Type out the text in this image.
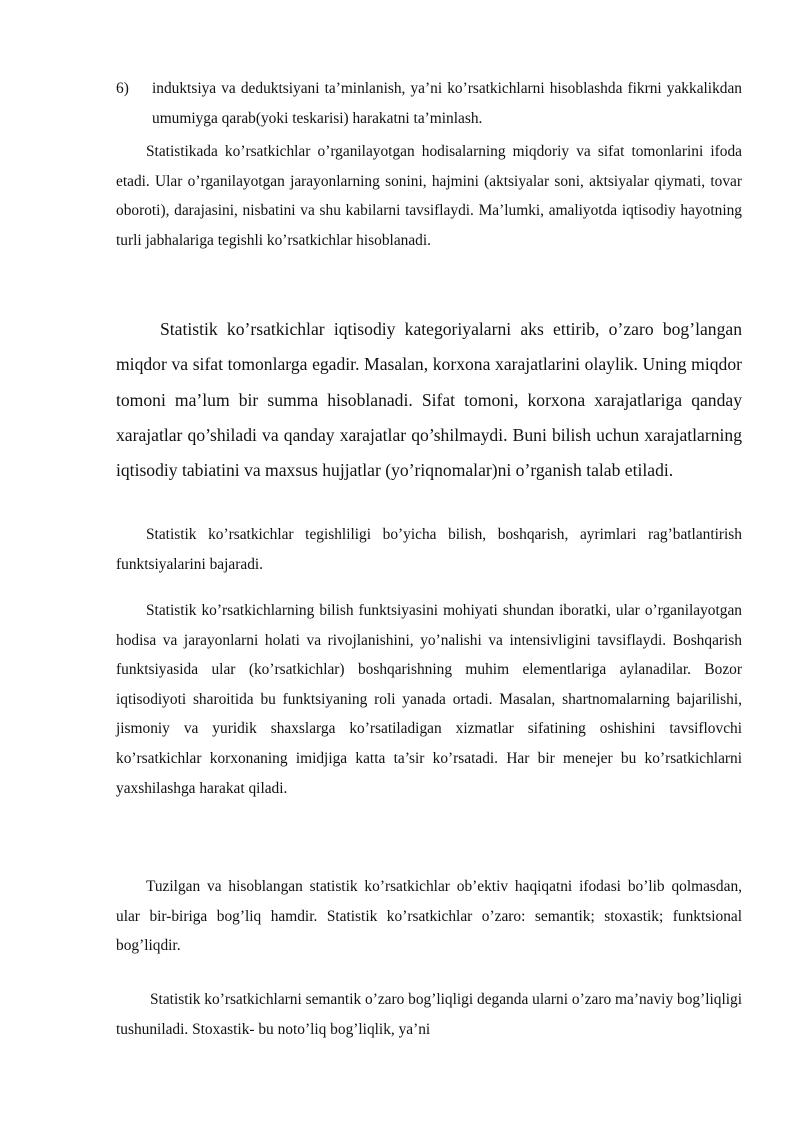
6)	induktsiya va deduktsiyani ta’minlanish, ya’ni ko’rsatkichlarni hisoblashda fikrni yakkalikdan umumiyga qarab(yoki teskarisi) harakatni ta’minlash.

Statistikada ko’rsatkichlar o’rganilayotgan hodisalarning miqdoriy va sifat tomonlarini ifoda etadi. Ular o’rganilayotgan jarayonlarning sonini, hajmini (aktsiyalar soni, aktsiyalar qiymati, tovar oboroti), darajasini, nisbatini va shu kabilarni tavsiflaydi. Ma’lumki, amaliyotda iqtisodiy hayotning turli jabhalariga tegishli ko’rsatkichlar hisoblanadi.

Statistik ko’rsatkichlar iqtisodiy kategoriyalarni aks ettirib, o’zaro bog’langan miqdor va sifat tomonlarga egadir. Masalan, korxona xarajatlarini olaylik. Uning miqdor tomoni ma’lum bir summa hisoblanadi. Sifat tomoni, korxona xarajatlariga qanday xarajatlar qo’shiladi va qanday xarajatlar qo’shilmaydi. Buni bilish uchun xarajatlarning iqtisodiy tabiatini va maxsus hujjatlar (yo’riqnomalar)ni o’rganish talab etiladi.

Statistik ko’rsatkichlar tegishliligi bo’yicha bilish, boshqarish, ayrimlari rag’batlantirish funktsiyalarini bajaradi.

Statistik ko’rsatkichlarning bilish funktsiyasini mohiyati shundan iboratki, ular o’rganilayotgan hodisa va jarayonlarni holati va rivojlanishini, yo’nalishi va intensivligini tavsiflaydi. Boshqarish funktsiyasida ular (ko’rsatkichlar) boshqarishning muhim elementlariga aylanadilar. Bozor iqtisodiyoti sharoitida bu funktsiyaning roli yanada ortadi. Masalan, shartnomalarning bajarilishi, jismoniy va yuridik shaxslarga ko’rsatiladigan xizmatlar sifatining oshishini tavsiflovchi ko’rsatkichlar korxonaning imidjiga katta ta’sir ko’rsatadi. Har bir menejer bu ko’rsatkichlarni yaxshilashga harakat qiladi.

Tuzilgan va hisoblangan statistik ko’rsatkichlar ob’ektiv haqiqatni ifodasi bo’lib qolmasdan, ular bir-biriga bog’liq hamdir. Statistik ko’rsatkichlar o’zaro: semantik; stoxastik; funktsional bog’liqdir.

Statistik ko’rsatkichlarni semantik o’zaro bog’liqligi deganda ularni o’zaro ma’naviy bog’liqligi tushuniladi. Stoxastik- bu noto’liq bog’liqlik, ya’ni
